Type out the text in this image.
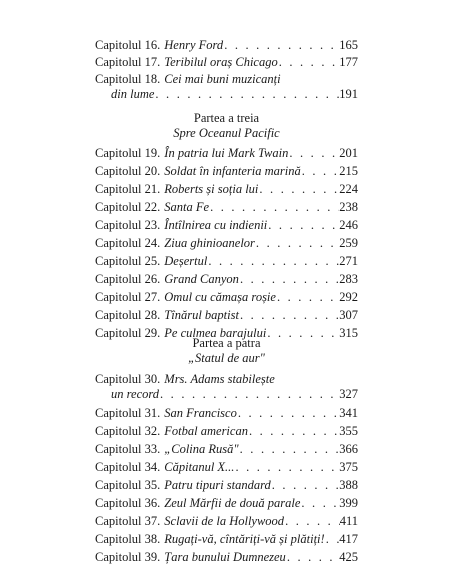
Capitolul 16. Henry Ford . . .	165
Capitolul 17. Teribilul oraș Chicago . . .	177
Capitolul 18. Cei mai buni muzicanți
din lume . . .	191
Partea a treia
Spre Oceanul Pacific
Capitolul 19. În patria lui Mark Twain . . .	201
Capitolul 20. Soldat în infanteria marină . . .	215
Capitolul 21. Roberts și soția lui . . .	224
Capitolul 22. Santa Fe . . .	238
Capitolul 23. Întîlnirea cu indienii . . .	246
Capitolul 24. Ziua ghinioanelor . . .	259
Capitolul 25. Deșertul . . .	271
Capitolul 26. Grand Canyon . . .	283
Capitolul 27. Omul cu cămașa roșie . . .	292
Capitolul 28. Tînărul baptist . . .	307
Capitolul 29. Pe culmea barajului . . .	315
Partea a patra
„Statul de aur"
Capitolul 30. Mrs. Adams stabilește
un record . . .	327
Capitolul 31. San Francisco . . .	341
Capitolul 32. Fotbal american . . .	355
Capitolul 33. „Colina Rusă" . . .	366
Capitolul 34. Căpitanul X... . . .	375
Capitolul 35. Patru tipuri standard . . .	388
Capitolul 36. Zeul Mărfii de două parale . . .	399
Capitolul 37. Sclavii de la Hollywood . . .	411
Capitolul 38. Rugați-vă, cîntăriți-vă și plătiți! . . . 417
Capitolul 39. Țara bunului Dumnezeu . . .	425
